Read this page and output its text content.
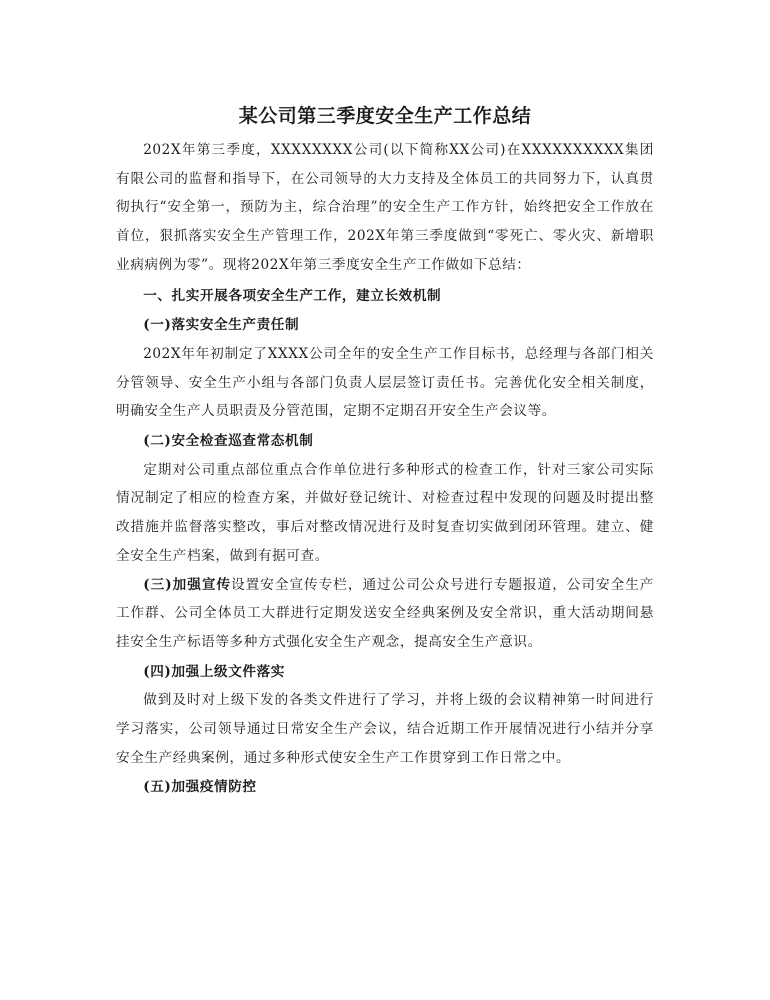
某公司第三季度安全生产工作总结

202X年第三季度，XXXXXXXX公司(以下简称XX公司)在XXXXXXXXXX集团有限公司的监督和指导下，在公司领导的大力支持及全体员工的共同努力下，认真贯彻执行“安全第一，预防为主，综合治理”的安全生产工作方针，始终把安全工作放在首位，狠抓落实安全生产管理工作，202X年第三季度做到“零死亡、零火灾、新增职业病病例为零”。现将202X年第三季度安全生产工作做如下总结：

一、扎实开展各项安全生产工作，建立长效机制

(一)落实安全生产责任制

202X年年初制定了XXXX公司全年的安全生产工作目标书，总经理与各部门相关分管领导、安全生产小组与各部门负责人层层签订责任书。完善优化安全相关制度，明确安全生产人员职责及分管范围，定期不定期召开安全生产会议等。

(二)安全检查巡查常态机制

定期对公司重点部位重点合作单位进行多种形式的检查工作，针对三家公司实际情况制定了相应的检查方案，并做好登记统计、对检查过程中发现的问题及时提出整改措施并监督落实整改，事后对整改情况进行及时复查切实做到闭环管理。建立、健全安全生产档案，做到有据可查。

(三)加强宣传设置安全宣传专栏，通过公司公众号进行专题报道，公司安全生产工作群、公司全体员工大群进行定期发送安全经典案例及安全常识，重大活动期间悬挂安全生产标语等多种方式强化安全生产观念，提高安全生产意识。

(四)加强上级文件落实

做到及时对上级下发的各类文件进行了学习，并将上级的会议精神第一时间进行学习落实，公司领导通过日常安全生产会议，结合近期工作开展情况进行小结并分享安全生产经典案例，通过多种形式使安全生产工作贯穿到工作日常之中。

(五)加强疫情防控
